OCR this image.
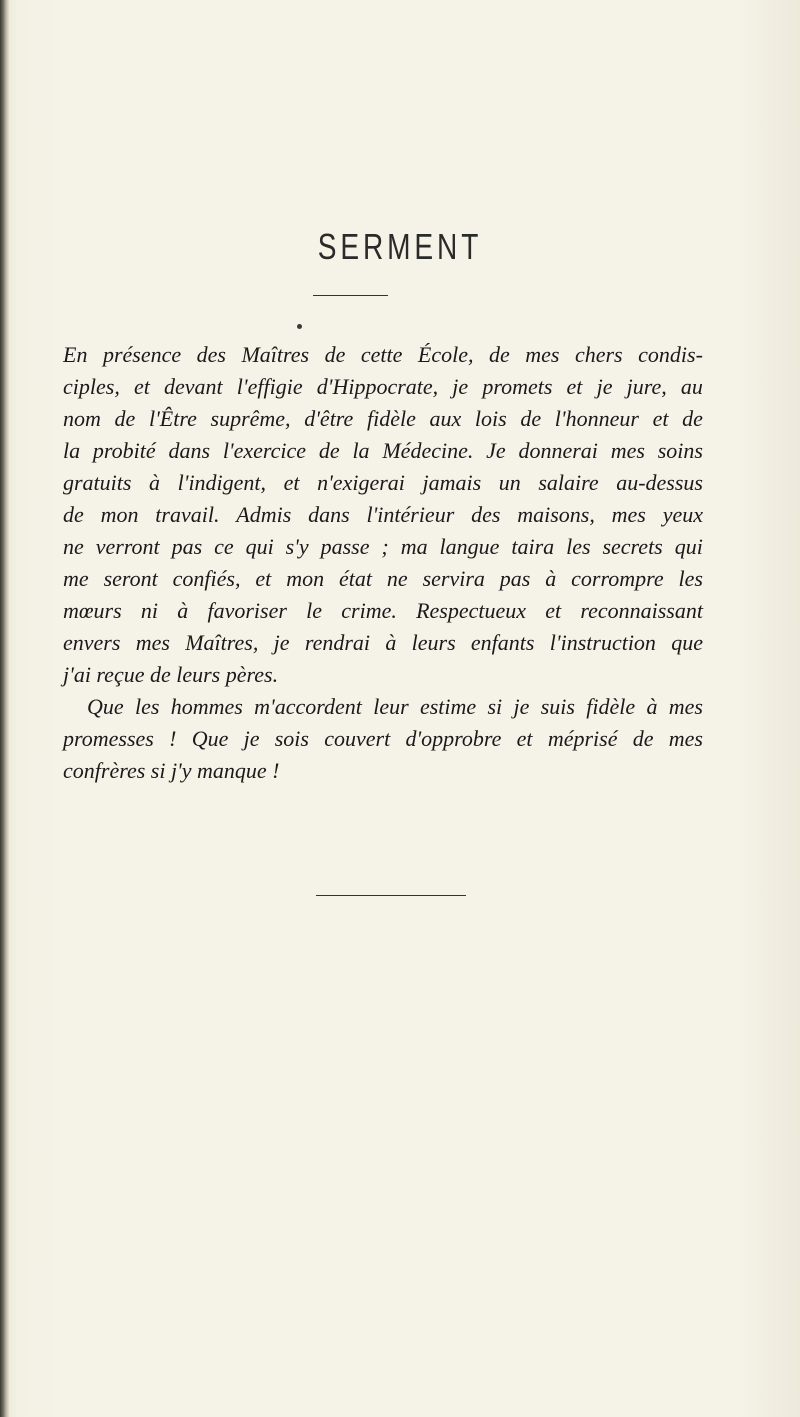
SERMENT
En présence des Maîtres de cette École, de mes chers condis-
ciples, et devant l'effigie d'Hippocrate, je promets et je jure, au
nom de l'Être suprême, d'être fidèle aux lois de l'honneur et de
la probité dans l'exercice de la Médecine. Je donnerai mes soins
gratuits à l'indigent, et n'exigerai jamais un salaire au-dessus
de mon travail. Admis dans l'intérieur des maisons, mes yeux
ne verront pas ce qui s'y passe ; ma langue taira les secrets qui
me seront confiés, et mon état ne servira pas à corrompre les
mœurs ni à favoriser le crime. Respectueux et reconnaissant
envers mes Maîtres, je rendrai à leurs enfants l'instruction que
j'ai reçue de leurs pères.
Que les hommes m'accordent leur estime si je suis fidèle à mes
promesses ! Que je sois couvert d'opprobre et méprisé de mes
confrères si j'y manque !
